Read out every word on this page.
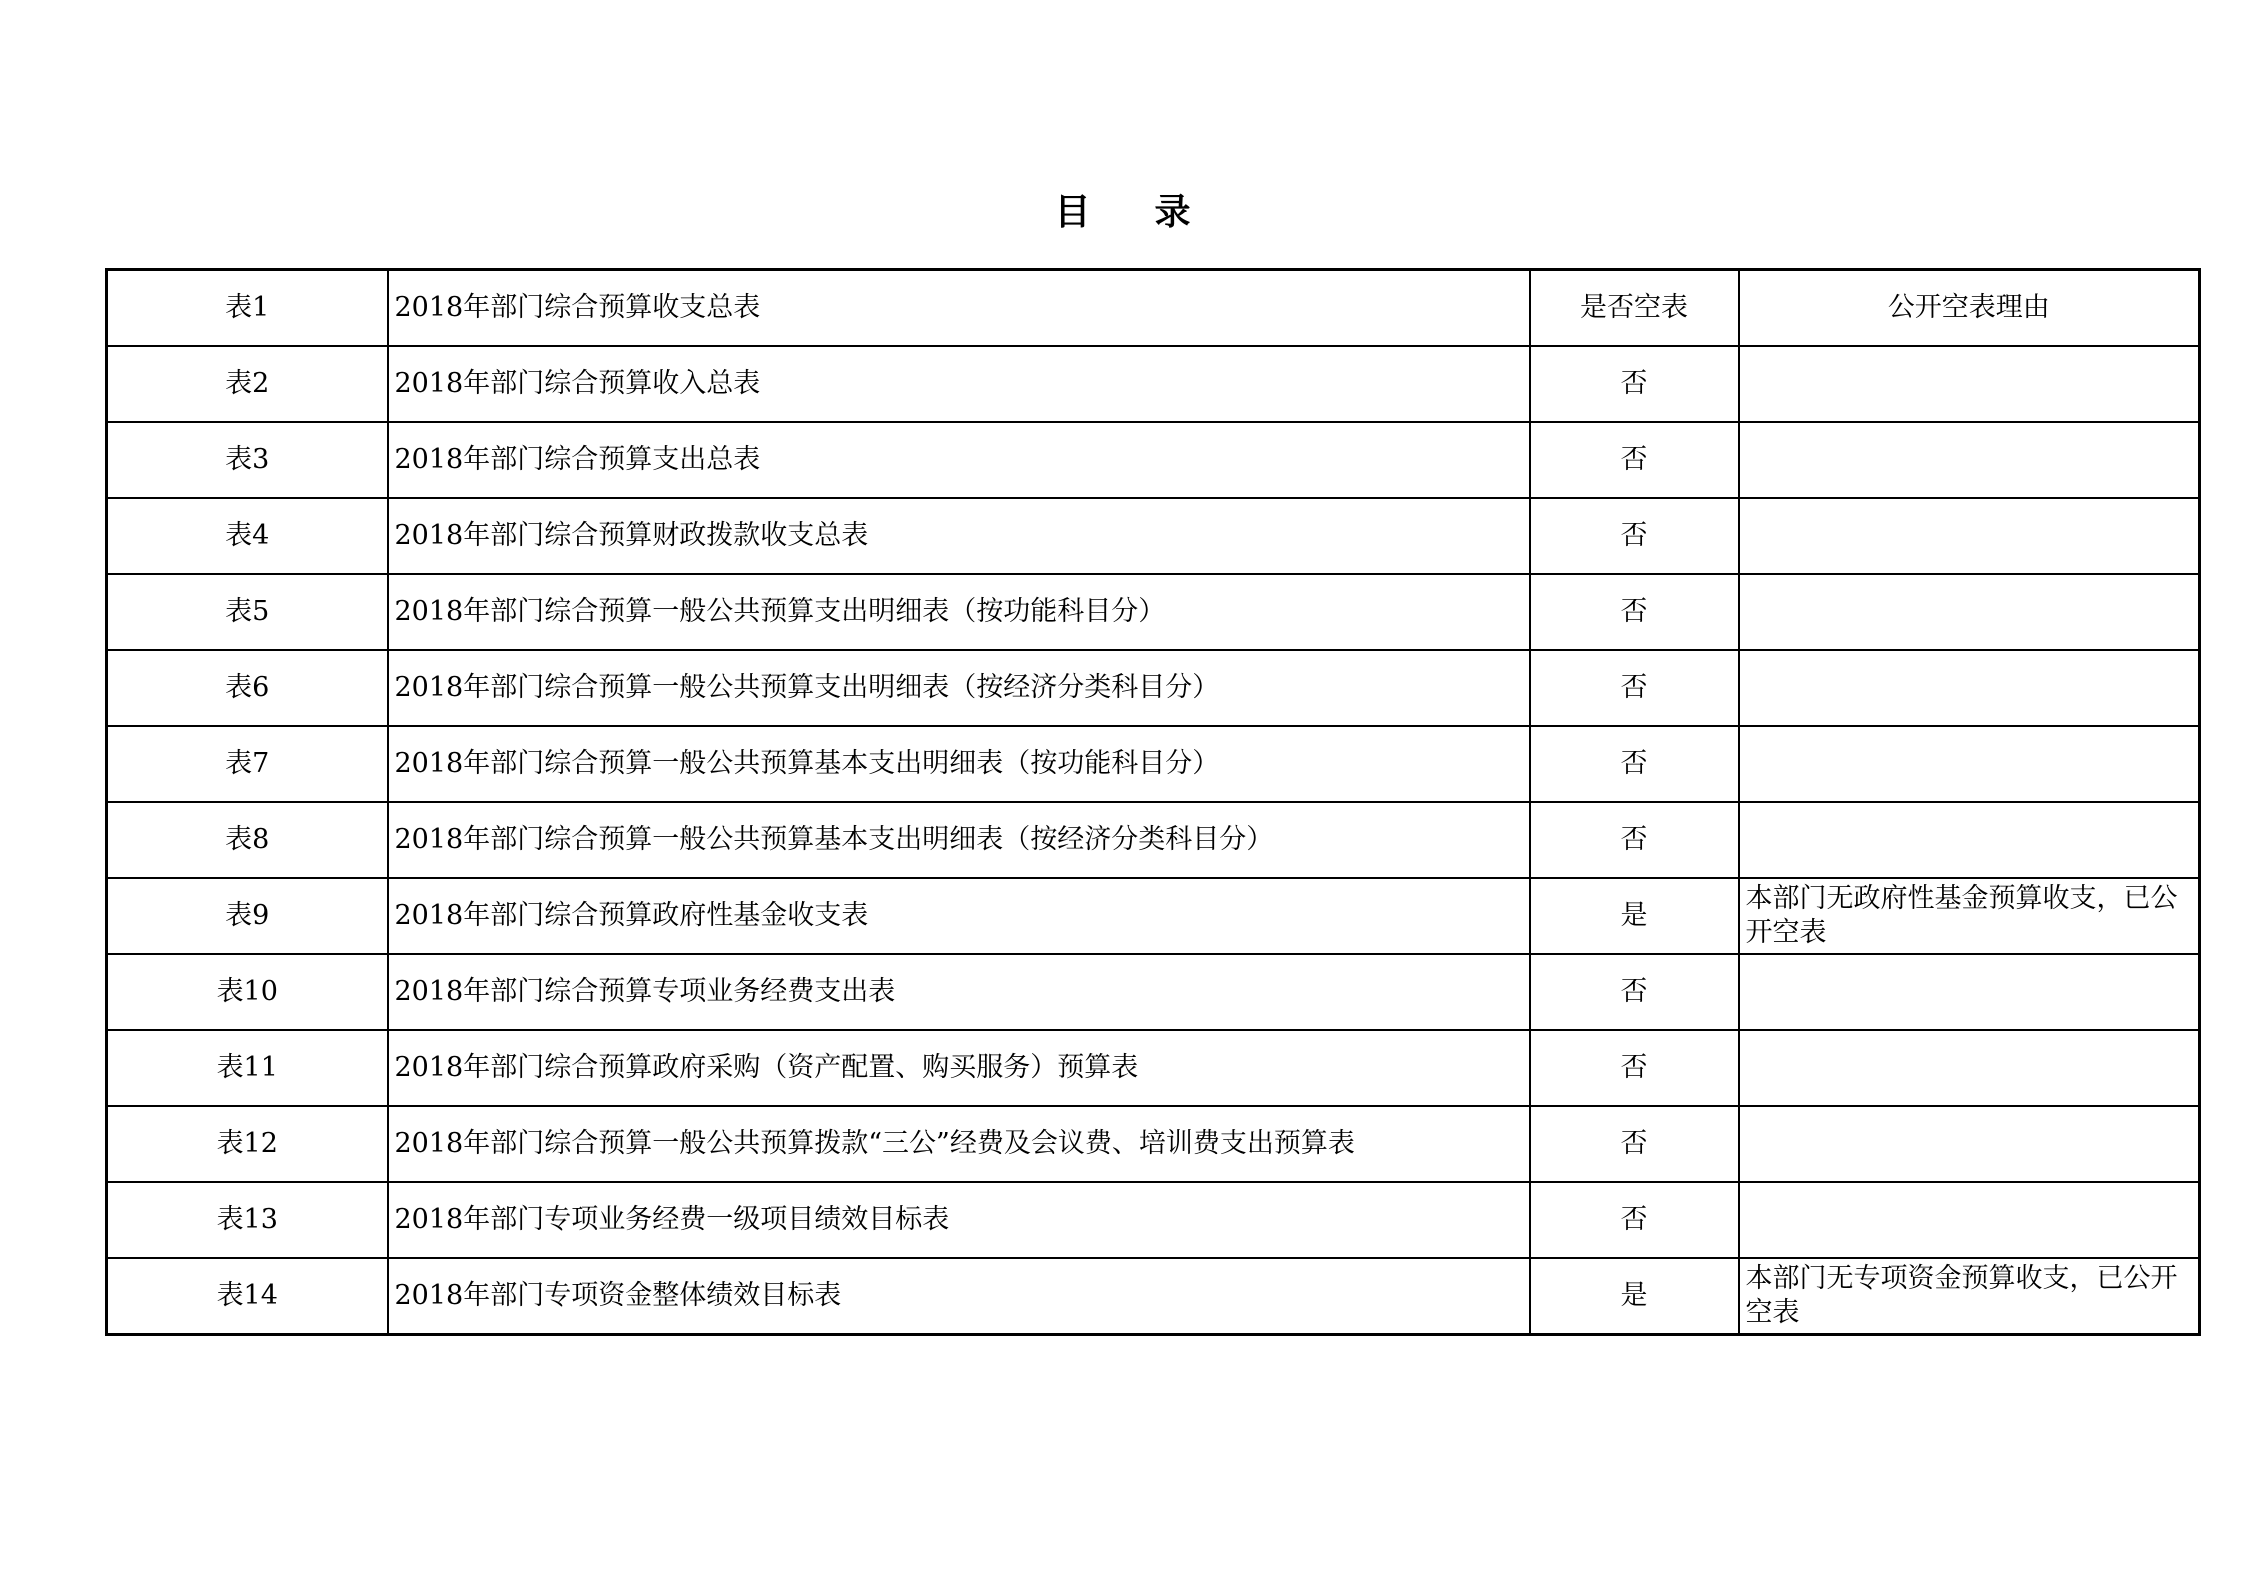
目录
表1	2018年部门综合预算收支总表	是否空表	公开空表理由
表2	2018年部门综合预算收入总表	否	
表3	2018年部门综合预算支出总表	否	
表4	2018年部门综合预算财政拨款收支总表	否	
表5	2018年部门综合预算一般公共预算支出明细表（按功能科目分）	否	
表6	2018年部门综合预算一般公共预算支出明细表（按经济分类科目分）	否	
表7	2018年部门综合预算一般公共预算基本支出明细表（按功能科目分）	否	
表8	2018年部门综合预算一般公共预算基本支出明细表（按经济分类科目分）	否	
表9	2018年部门综合预算政府性基金收支表	是	本部门无政府性基金预算收支，已公开空表
表10	2018年部门综合预算专项业务经费支出表	否	
表11	2018年部门综合预算政府采购（资产配置、购买服务）预算表	否	
表12	2018年部门综合预算一般公共预算拨款“三公”经费及会议费、培训费支出预算表	否	
表13	2018年部门专项业务经费一级项目绩效目标表	否	
表14	2018年部门专项资金整体绩效目标表	是	本部门无专项资金预算收支，已公开空表
